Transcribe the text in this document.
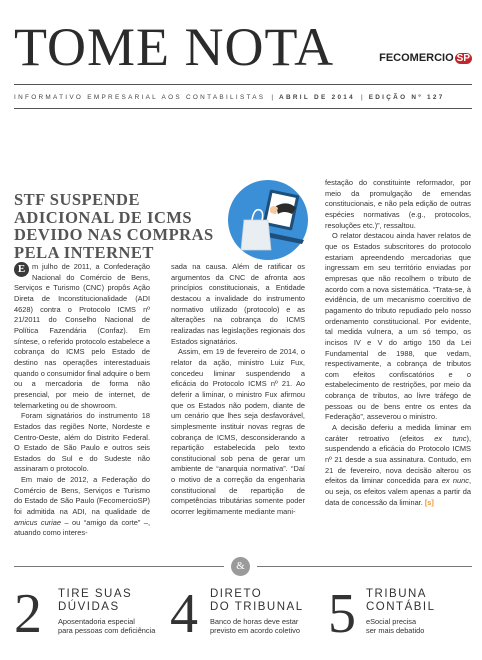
TOME NOTA	FECOMERCIO SP
INFORMATIVO EMPRESARIAL AOS CONTABILISTAS | ABRIL DE 2014 | EDIÇÃO Nº 127
STF SUSPENDE ADICIONAL DE ICMS DEVIDO NAS COMPRAS PELA INTERNET

E m julho de 2011, a Confederação Nacional do Comércio de Bens, Serviços e Turismo (CNC) propôs Ação Direta de Inconstitucionalidade (ADI 4628) contra o Protocolo ICMS nº 21/2011 do Conselho Nacional de Política Fazendária (Confaz). Em síntese, o referido protocolo estabelece a cobrança do ICMS pelo Estado de destino nas operações interestaduais quando o consumidor final adquire o bem ou a mercadoria de forma não presencial, por meio de internet, de telemarketing ou de showroom.

Foram signatários do instrumento 18 Estados das regiões Norte, Nordeste e Centro-Oeste, além do Distrito Federal. O Estado de São Paulo e outros seis Estados do Sul e do Sudeste não assinaram o protocolo.

Em maio de 2012, a Federação do Comércio de Bens, Serviços e Turismo do Estado de São Paulo (FecomercioSP) foi admitida na ADI, na qualidade de amicus curiae – ou “amigo da corte” –, atuando como interes-

sada na causa. Além de ratificar os argumentos da CNC de afronta aos princípios constitucionais, a Entidade destacou a invalidade do instrumento normativo utilizado (protocolo) e as alterações na cobrança do ICMS realizadas nas legislações regionais dos Estados signatários.

Assim, em 19 de fevereiro de 2014, o relator da ação, ministro Luiz Fux, concedeu liminar suspendendo a eficácia do Protocolo ICMS nº 21. Ao deferir a liminar, o ministro Fux afirmou que os Estados não podem, diante de um cenário que lhes seja desfavorável, simplesmente instituir novas regras de cobrança de ICMS, desconsiderando a repartição estabelecida pelo texto constitucional sob pena de gerar um ambiente de “anarquia normativa”. “Daí o motivo de a correção da engenharia constitucional de repartição de competências tributárias somente poder ocorrer legitimamente mediante mani-

festação do constituinte reformador, por meio da promulgação de emendas constitucionais, e não pela edição de outras espécies normativas (e.g., protocolos, resoluções etc.)”, ressaltou.

O relator destacou ainda haver relatos de que os Estados subscritores do protocolo estariam apreendendo mercadorias que ingressam em seu território enviadas por empresas que não recolhem o tributo de acordo com a nova sistemática. “Trata-se, à evidência, de um mecanismo coercitivo de pagamento do tributo repudiado pelo nosso ordenamento constitucional. Por evidente, tal medida vulnera, a um só tempo, os incisos IV e V do artigo 150 da Lei Fundamental de 1988, que vedam, respectivamente, a cobrança de tributos com efeitos confiscatórios e o estabelecimento de restrições, por meio da cobrança de tributos, ao livre tráfego de pessoas ou de bens entre os entes da Federação”, asseverou o ministro.

A decisão deferiu a medida liminar em caráter retroativo (efeitos ex tunc), suspendendo a eficácia do Protocolo ICMS nº 21 desde a sua assinatura. Contudo, em 21 de fevereiro, nova decisão alterou os efeitos da liminar concedida para ex nunc, ou seja, os efeitos valem apenas a partir da data de concessão da liminar. [s]

&
2 TIRE SUAS
DÚVIDAS
Aposentadoria especial
para pessoas com deficiência 4 DIRETO
DO TRIBUNAL
Banco de horas deve estar
previsto em acordo coletivo 5 TRIBUNA
CONTÁBIL
eSocial precisa
ser mais debatido
